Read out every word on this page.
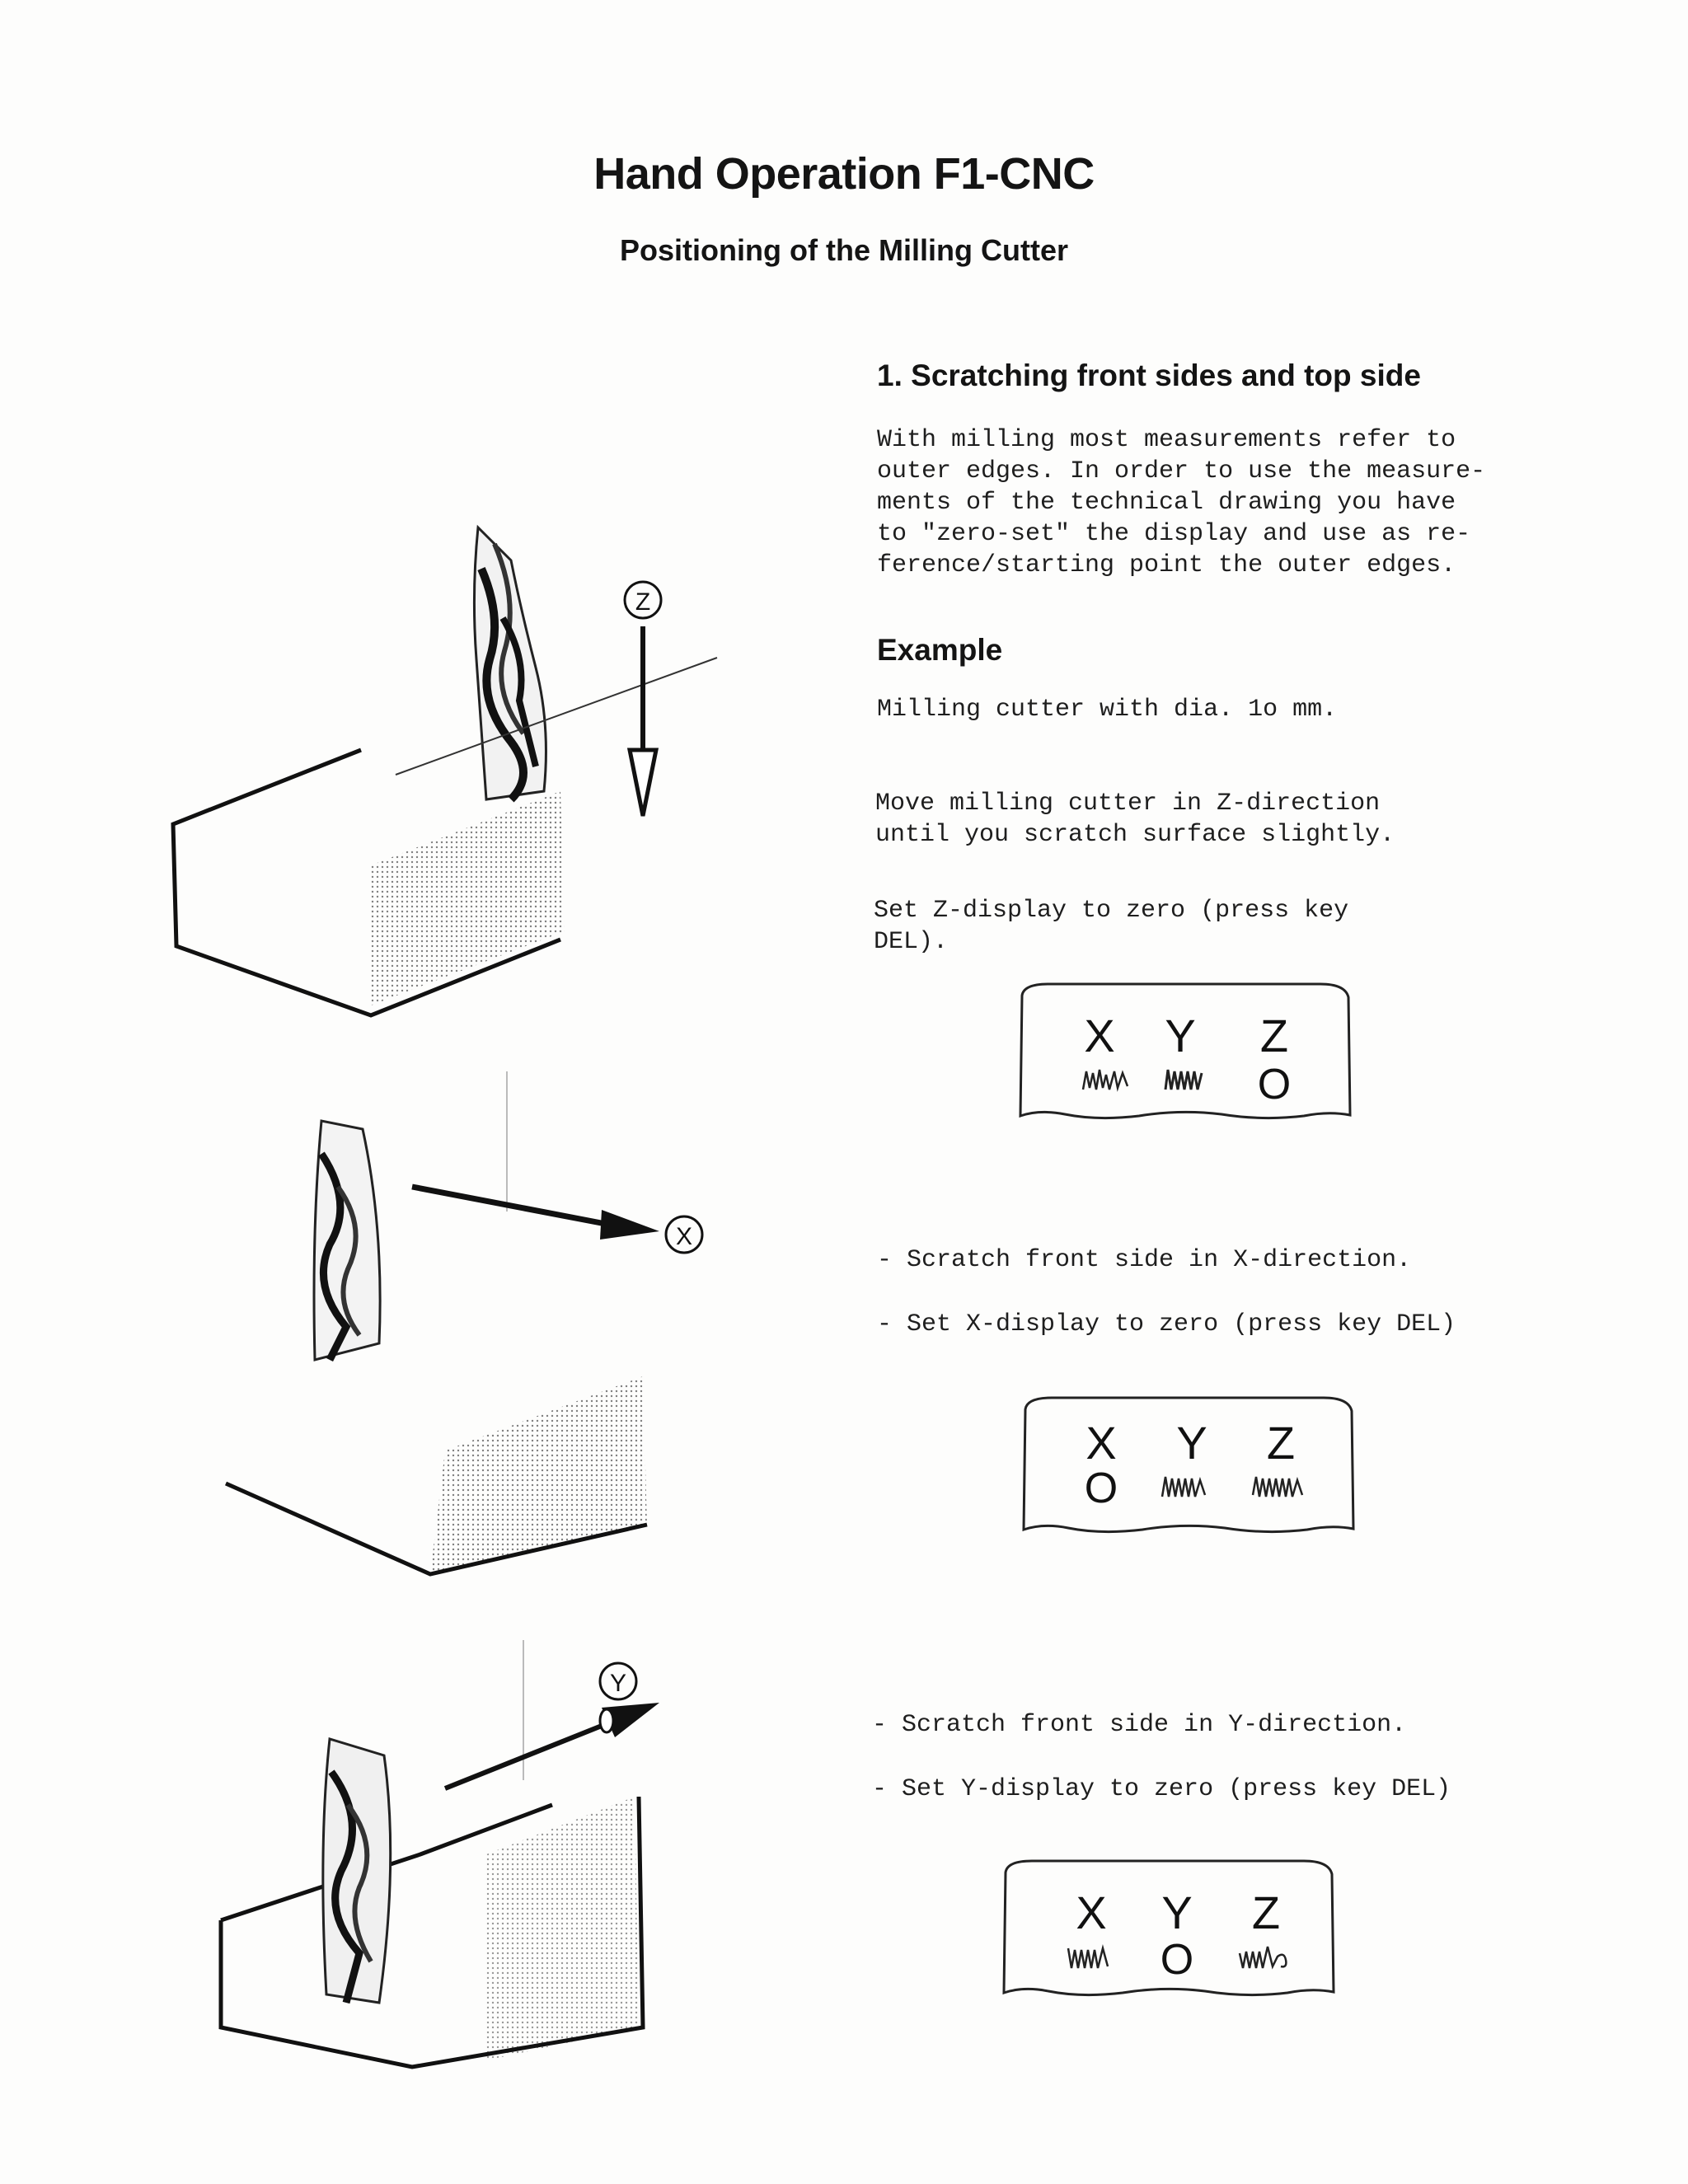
Hand Operation F1-CNC
Positioning of the Milling Cutter
1. Scratching front sides and top side
With milling most measurements refer to
outer edges. In order to use the measure-
ments of the technical drawing you have
to "zero-set" the display and use as re-
ference/starting point the outer edges.
Example
Milling cutter with dia. 1o mm.
Move milling cutter in Z-direction
until you scratch surface slightly.
Set Z-display to zero (press key
DEL).
- Scratch front side in X-direction.
- Set X-display to zero (press key DEL)
- Scratch front side in Y-direction.
- Set Y-display to zero (press key DEL)
X Y Z
O
X Y Z
O
X Y Z
O
Z
X
Y
